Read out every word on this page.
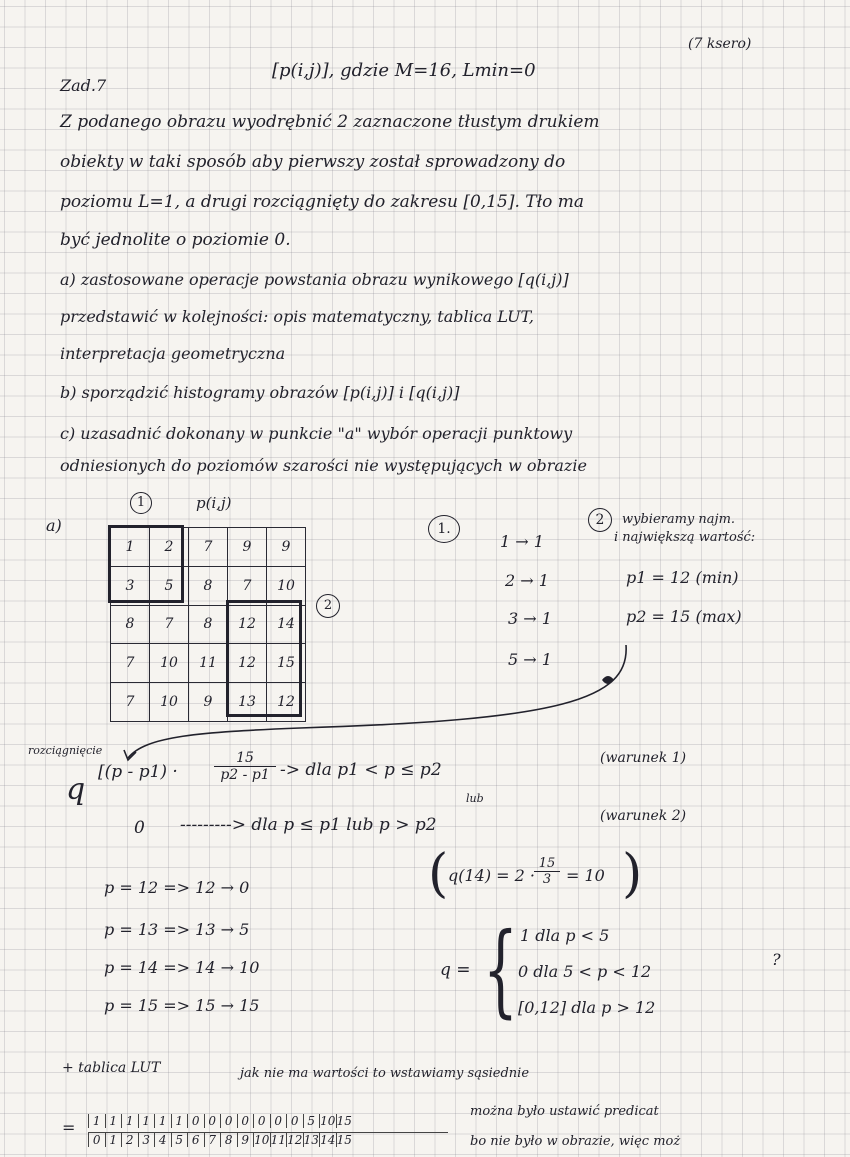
(7 ksero)
Zad.7
[p(i,j)], gdzie M=16, Lmin=0
Z podanego obrazu wyodrębnić 2 zaznaczone tłustym drukiem
obiekty w taki sposób aby pierwszy został sprowadzony do
poziomu L=1, a drugi rozciągnięty do zakresu [0,15]. Tło ma
być jednolite o poziomie 0.
a) zastosowane operacje powstania obrazu wynikowego [q(i,j)]
przedstawić w kolejności: opis matematyczny, tablica LUT,
interpretacja geometryczna
b) sporządzić histogramy obrazów [p(i,j)] i [q(i,j)]
c) uzasadnić dokonany w punkcie "a" wybór operacji punktowy
odniesionych do poziomów szarości nie występujących w obrazie
a)
1	p(i,j)
1	2	7	9	9
3	5	8	7	10
8	7	8	12	14
7	10	11	12	15
7	10	9	13	12
2
1.
1 → 1
2 → 1
3 → 1
5 → 1
2	wybieramy najm.
i największą wartość:
p1 = 12 (min)
p2 = 15 (max)
rozciągnięcie
q [(p - p1) ·	$\frac{15}{p2 - p1}$ -> dla p1 < p ≤ p2
(warunek 1)
0 ---------> dla p ≤ p1 lub p > p2
lub
(warunek 2)
( q(14) = 2 ·
$\frac{15}{3} = 10$ )
p = 12 => 12 → 0
p = 13 => 13 → 5
p = 14 => 14 → 10
p = 15 => 15 → 15
q = { 1 dla p < 5
0 dla 5 < p < 12
[0,12] dla p > 12
?
+ tablica LUT	jak nie ma wartości to wstawiamy sąsiednie
=	1 1 1 1 1 1 0 0 0 0 0 0 0 5 10 15
0 1 2 3 4 5 6 7 8 9 10 11 12 13 14 15
można było ustawić predicat
bo nie było w obrazie, więc moż
